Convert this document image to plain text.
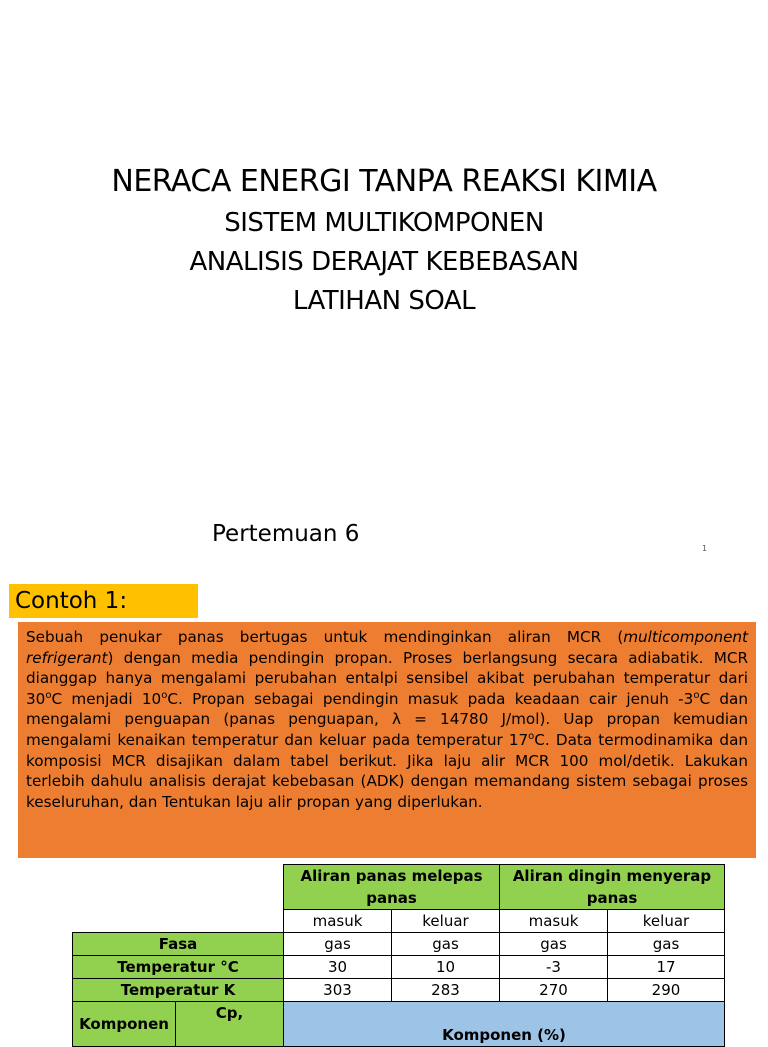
NERACA ENERGI TANPA REAKSI KIMIA
SISTEM MULTIKOMPONEN
ANALISIS DERAJAT KEBEBASAN
LATIHAN SOAL
Pertemuan 6
1
Contoh 1:
Sebuah penukar panas bertugas untuk mendinginkan aliran MCR (multicomponent refrigerant) dengan media pendingin propan. Proses berlangsung secara adiabatik. MCR dianggap hanya mengalami perubahan entalpi sensibel akibat perubahan temperatur dari 30$^o$C menjadi 10$^o$C. Propan sebagai pendingin masuk pada keadaan cair jenuh -3$^o$C dan mengalami penguapan (panas penguapan, λ = 14780 J/mol). Uap propan kemudian mengalami kenaikan temperatur dan keluar pada temperatur 17$^o$C. Data termodinamika dan komposisi MCR disajikan dalam tabel berikut. Jika laju alir MCR 100 mol/detik. Lakukan terlebih dahulu analisis derajat kebebasan (ADK) dengan memandang sistem sebagai proses keseluruhan, dan Tentukan laju alir propan yang diperlukan.
		Aliran panas melepas panas		Aliran dingin menyerap panas	
		masuk	keluar	masuk	keluar
Fasa		gas	gas	gas	gas
Temperatur °C		30	10	-3	17
Temperatur K		303	283	270	290
Komponen	Cp,	Komponen (%)			
